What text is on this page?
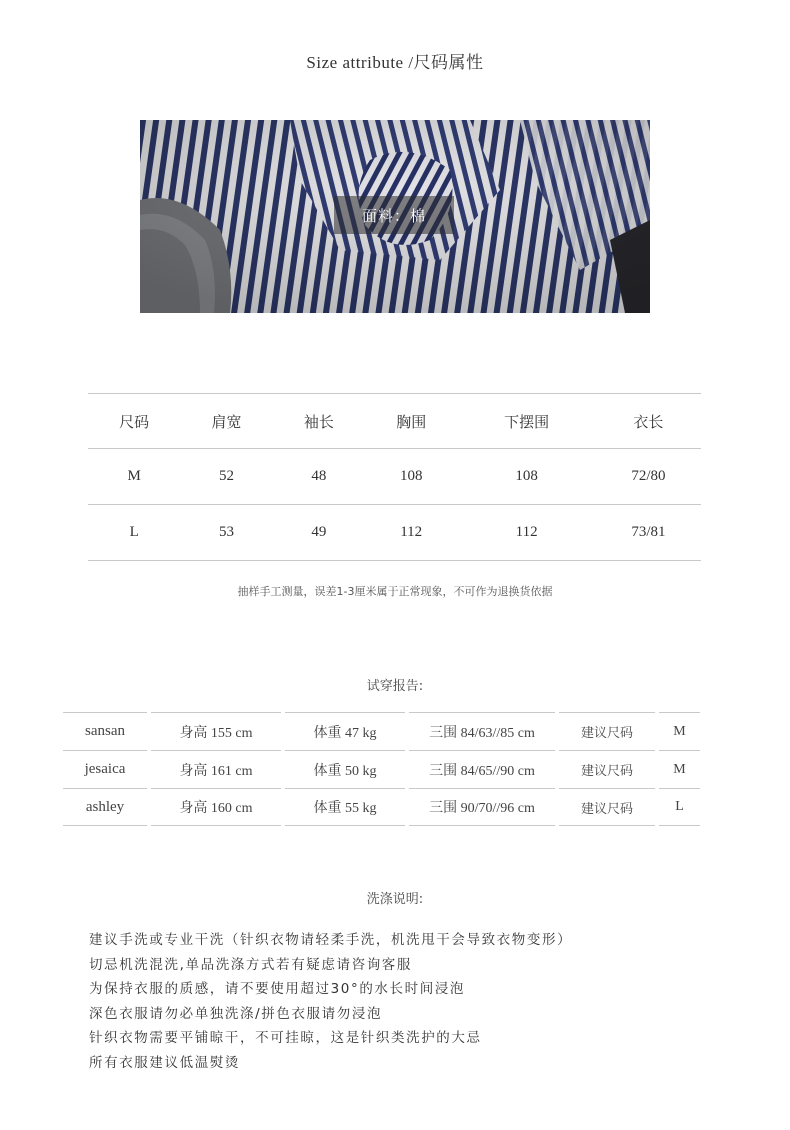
Size attribute /尺码属性
面料：棉
尺码	肩宽	袖长	胸围	下摆围	衣长
M	52	48	108	108	72/80
L	53	49	112	112	73/81
抽样手工测量，误差1-3厘米属于正常现象，不可作为退换货依据
试穿报告:
sansan	身高 155 cm	体重 47 kg	三围 84/63//85 cm	建议尺码	M
jesaica	身高 161 cm	体重 50 kg	三围 84/65//90 cm	建议尺码	M
ashley	身高 160 cm	体重 55 kg	三围 90/70//96 cm	建议尺码	L
洗涤说明:
建议手洗或专业干洗（针织衣物请轻柔手洗，机洗甩干会导致衣物变形）
切忌机洗混洗,单品洗涤方式若有疑虑请咨询客服
为保持衣服的质感，请不要使用超过30°的水长时间浸泡
深色衣服请勿必单独洗涤/拼色衣服请勿浸泡
针织衣物需要平铺晾干，不可挂晾，这是针织类洗护的大忌
所有衣服建议低温熨烫
